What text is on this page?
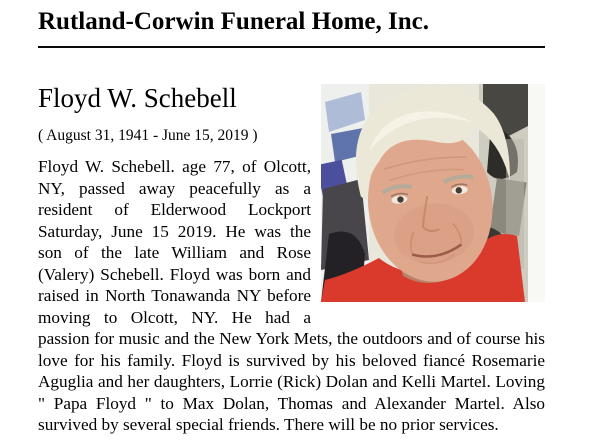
Rutland-Corwin Funeral Home, Inc.
Floyd W. Schebell

( August 31, 1941 - June 15, 2019 )

Floyd W. Schebell. age 77, of Olcott, NY, passed away peacefully as a resident of Elderwood Lockport Saturday, June 15 2019. He was the son of the late William and Rose (Valery) Schebell. Floyd was born and raised in North Tonawanda NY before moving to Olcott, NY. He had a passion for music and the New York Mets, the outdoors and of course his love for his family. Floyd is survived by his beloved fiancé Rosemarie Aguglia and her daughters, Lorrie (Rick) Dolan and Kelli Martel. Loving " Papa Floyd " to Max Dolan, Thomas and Alexander Martel. Also survived by several special friends. There will be no prior services.
